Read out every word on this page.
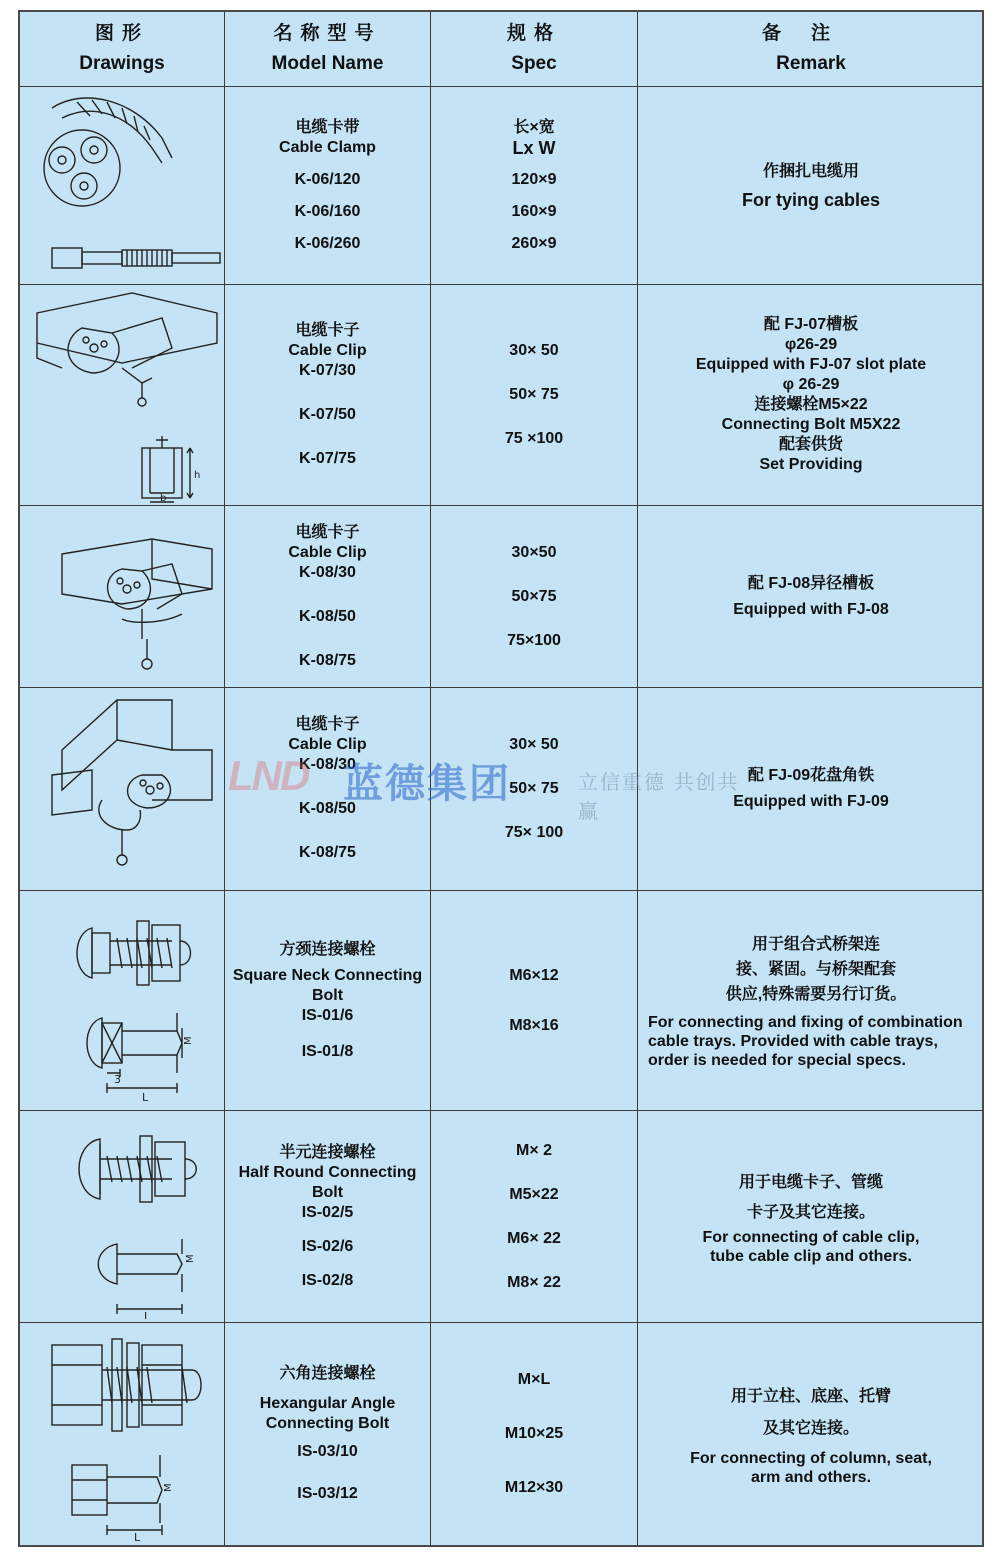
图形
Drawings
名称型号
Model Name
规格
Spec
备注
Remark
电缆卡带
Cable Clamp
K-06/120
K-06/160
K-06/260
长×宽
Lx W
120×9
160×9
260×9
作捆扎电缆用
For tying cables
h
b
电缆卡子
Cable Clip
K-07/30
K-07/50
K-07/75
30× 50
50× 75
75 ×100
配 FJ-07槽板
φ26-29
Equipped with FJ-07 slot plate
φ 26-29
连接螺栓M5×22
Connecting Bolt M5X22
配套供货
Set Providing
电缆卡子
Cable Clip
K-08/30
K-08/50
K-08/75
30×50
50×75
75×100
配 FJ-08异径槽板
Equipped with FJ-08
电缆卡子
Cable Clip
K-08/30
K-08/50
K-08/75
30× 50
50× 75
75× 100
配 FJ-09花盘角铁
Equipped with FJ-09
3
L
M
方颈连接螺栓
Square Neck Connecting
Bolt
IS-01/6
IS-01/8
M6×12
M8×16
用于组合式桥架连
接、紧固。与桥架配套
供应,特殊需要另行订货。
For connecting and fixing of combination
cable trays. Provided with cable trays,
order is needed for special specs.
L
M
半元连接螺栓
Half Round Connecting
Bolt
IS-02/5
IS-02/6
IS-02/8
M× 2
M5×22
M6× 22
M8× 22
用于电缆卡子、管缆
卡子及其它连接。
For connecting of cable clip,
tube cable clip and others.
L
M
六角连接螺栓
Hexangular Angle
Connecting Bolt
IS-03/10
IS-03/12
M×L
M10×25
M12×30
用于立柱、底座、托臂
及其它连接。
For connecting of column, seat,
arm and others.
LND 蓝德集团	立信重德 共创共赢
